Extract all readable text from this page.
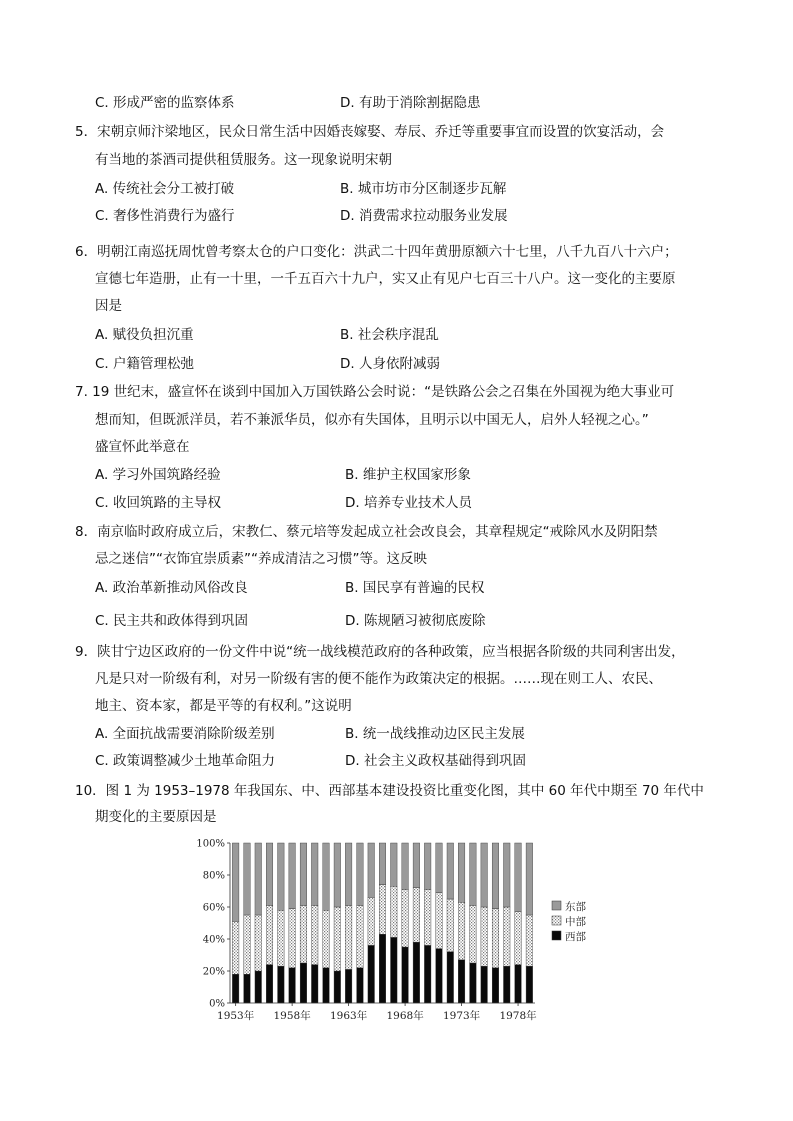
C. 形成严密的监察体系	D. 有助于消除割据隐患
5．宋朝京师汴梁地区，民众日常生活中因婚丧嫁娶、寿辰、乔迁等重要事宜而设置的饮宴活动，会
有当地的茶酒司提供租赁服务。这一现象说明宋朝
A. 传统社会分工被打破	B. 城市坊市分区制逐步瓦解
C. 奢侈性消费行为盛行	D. 消费需求拉动服务业发展
6．明朝江南巡抚周忱曾考察太仓的户口变化：洪武二十四年黄册原额六十七里，八千九百八十六户；
宣德七年造册，止有一十里，一千五百六十九户，实又止有见户七百三十八户。这一变化的主要原
因是
A. 赋役负担沉重	B. 社会秩序混乱
C. 户籍管理松弛	D. 人身依附减弱
7. 19 世纪末，盛宣怀在谈到中国加入万国铁路公会时说：“是铁路公会之召集在外国视为绝大事业可
想而知，但既派洋员，若不兼派华员，似亦有失国体，且明示以中国无人，启外人轻视之心。”
盛宣怀此举意在
A. 学习外国筑路经验	B. 维护主权国家形象
C. 收回筑路的主导权	D. 培养专业技术人员
8．南京临时政府成立后，宋教仁、蔡元培等发起成立社会改良会，其章程规定“戒除风水及阴阳禁
忌之迷信”“衣饰宜崇质素”“养成清洁之习惯”等。这反映
A. 政治革新推动风俗改良	B. 国民享有普遍的民权
C. 民主共和政体得到巩固	D. 陈规陋习被彻底废除
9．陕甘宁边区政府的一份文件中说“统一战线模范政府的各种政策，应当根据各阶级的共同利害出发，
凡是只对一阶级有利，对另一阶级有害的便不能作为政策决定的根据。……现在则工人、农民、
地主、资本家，都是平等的有权利。”这说明
A. 全面抗战需要消除阶级差别	B. 统一战线推动边区民主发展
C. 政策调整减少土地革命阻力	D. 社会主义政权基础得到巩固
10．图 1 为 1953–1978 年我国东、中、西部基本建设投资比重变化图，其中 60 年代中期至 70 年代中
期变化的主要原因是
100%
80%
60%
40%
20%
0%
1953年 1958年 1963年 1968年 1973年 1978年
东部
中部
西部
